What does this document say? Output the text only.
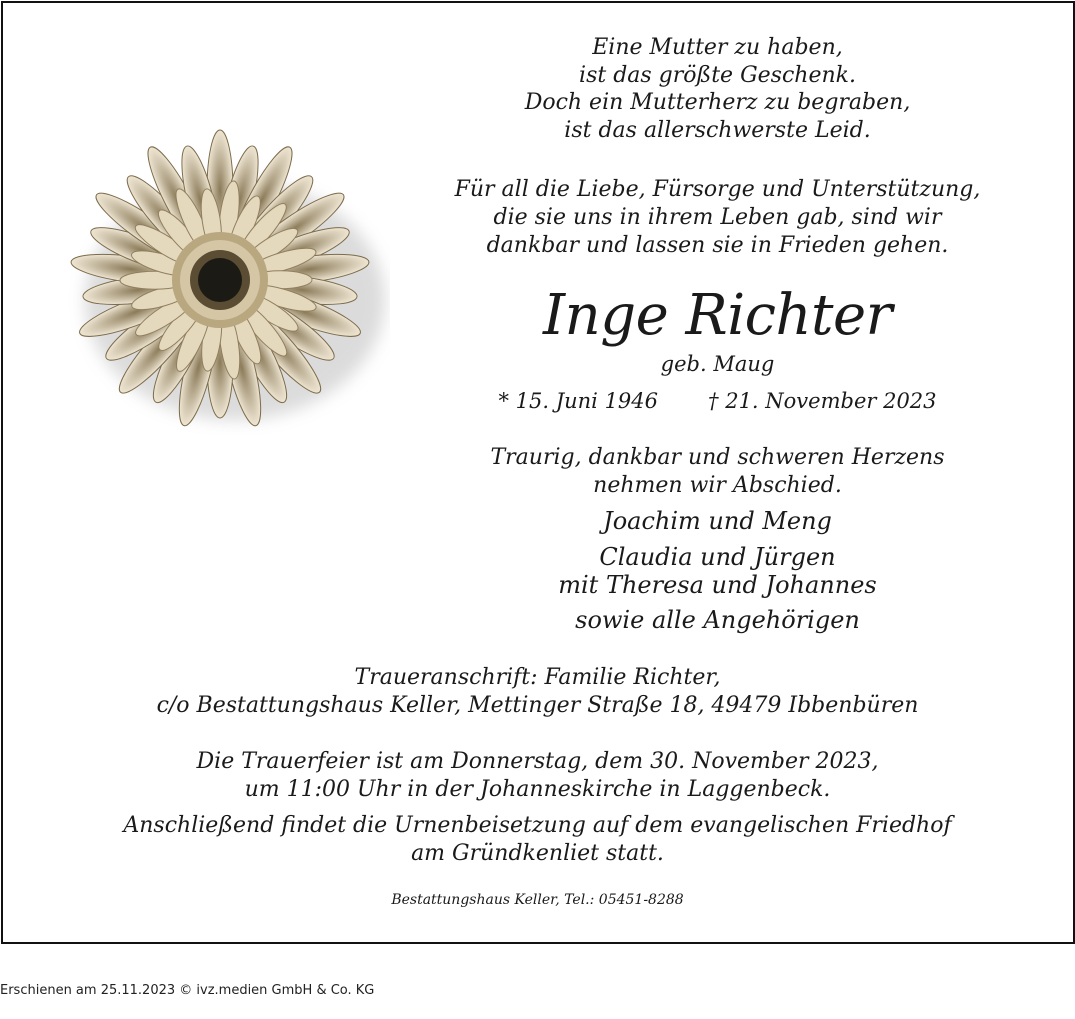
Eine Mutter zu haben,
ist das größte Geschenk.
Doch ein Mutterherz zu begraben,
ist das allerschwerste Leid.
Für all die Liebe, Fürsorge und Unterstützung,
die sie uns in ihrem Leben gab, sind wir
dankbar und lassen sie in Frieden gehen.
Inge Richter
geb. Maug
* 15. Juni 1946 † 21. November 2023
Traurig, dankbar und schweren Herzens
nehmen wir Abschied.
Joachim und Meng
Claudia und Jürgen
mit Theresa und Johannes
sowie alle Angehörigen
Traueranschrift: Familie Richter,
c/o Bestattungshaus Keller, Mettinger Straße 18, 49479 Ibbenbüren
Die Trauerfeier ist am Donnerstag, dem 30. November 2023,
um 11:00 Uhr in der Johanneskirche in Laggenbeck.
Anschließend findet die Urnenbeisetzung auf dem evangelischen Friedhof
am Gründkenliet statt.
Bestattungshaus Keller, Tel.: 05451-8288
Erschienen am 25.11.2023 © ivz.medien GmbH & Co. KG
